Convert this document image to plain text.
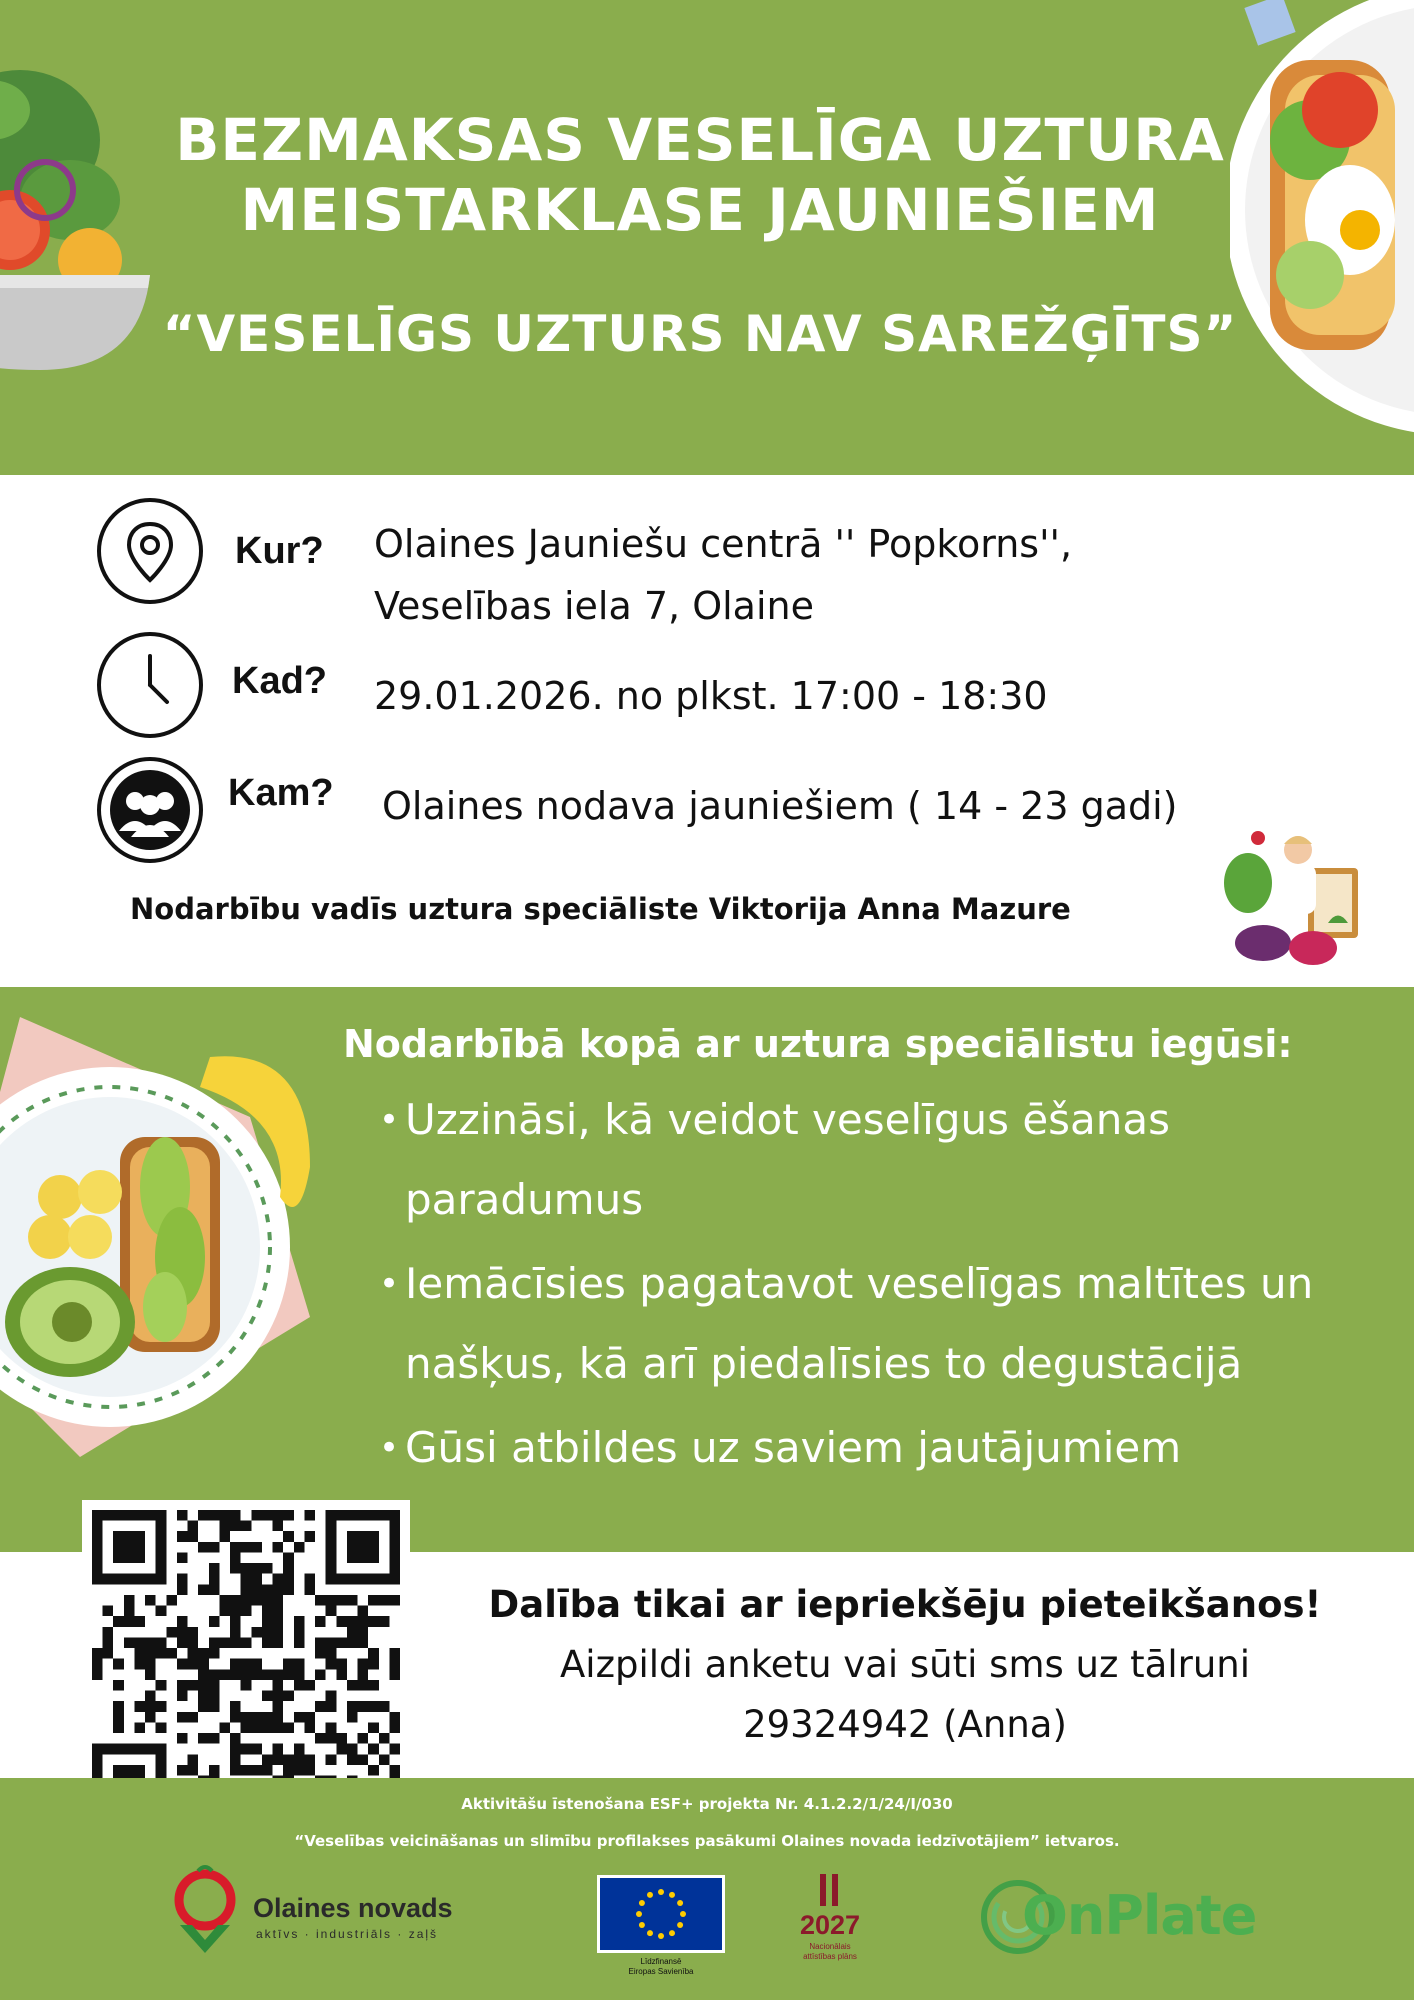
BEZMAKSAS VESELĪGA UZTURA
MEISTARKLASE JAUNIEŠIEM
“VESELĪGS UZTURS NAV SAREŽĢĪTS”
Kur? Olaines Jauniešu centrā '' Popkorns'',
Veselības iela 7, Olaine
Kad? 29.01.2026. no plkst. 17:00 - 18:30
Kam? Olaines nodava jauniešiem ( 14 - 23 gadi)
Nodarbību vadīs uztura speciāliste Viktorija Anna Mazure
Nodarbībā kopā ar uztura speciālistu iegūsi:
• Uzzināsi, kā veidot veselīgus ēšanas paradumus
• Iemācīsies pagatavot veselīgas maltītes un našķus, kā arī piedalīsies to degustācijā
• Gūsi atbildes uz saviem jautājumiem
Dalība tikai ar iepriekšēju pieteikšanos!
Aizpildi anketu vai sūti sms uz tālruni
29324942 (Anna)
Aktivitāšu īstenošana ESF+ projekta Nr. 4.1.2.2/1/24/I/030
“Veselības veicināšanas un slimību profilakses pasākumi Olaines novada iedzīvotājiem” ietvaros.
Olaines novads
aktīvs · industriāls · zaļš
Līdzfinansē
Eiropas Savienība
2027
Nacionālais
attīstības plāns
OnPlate
